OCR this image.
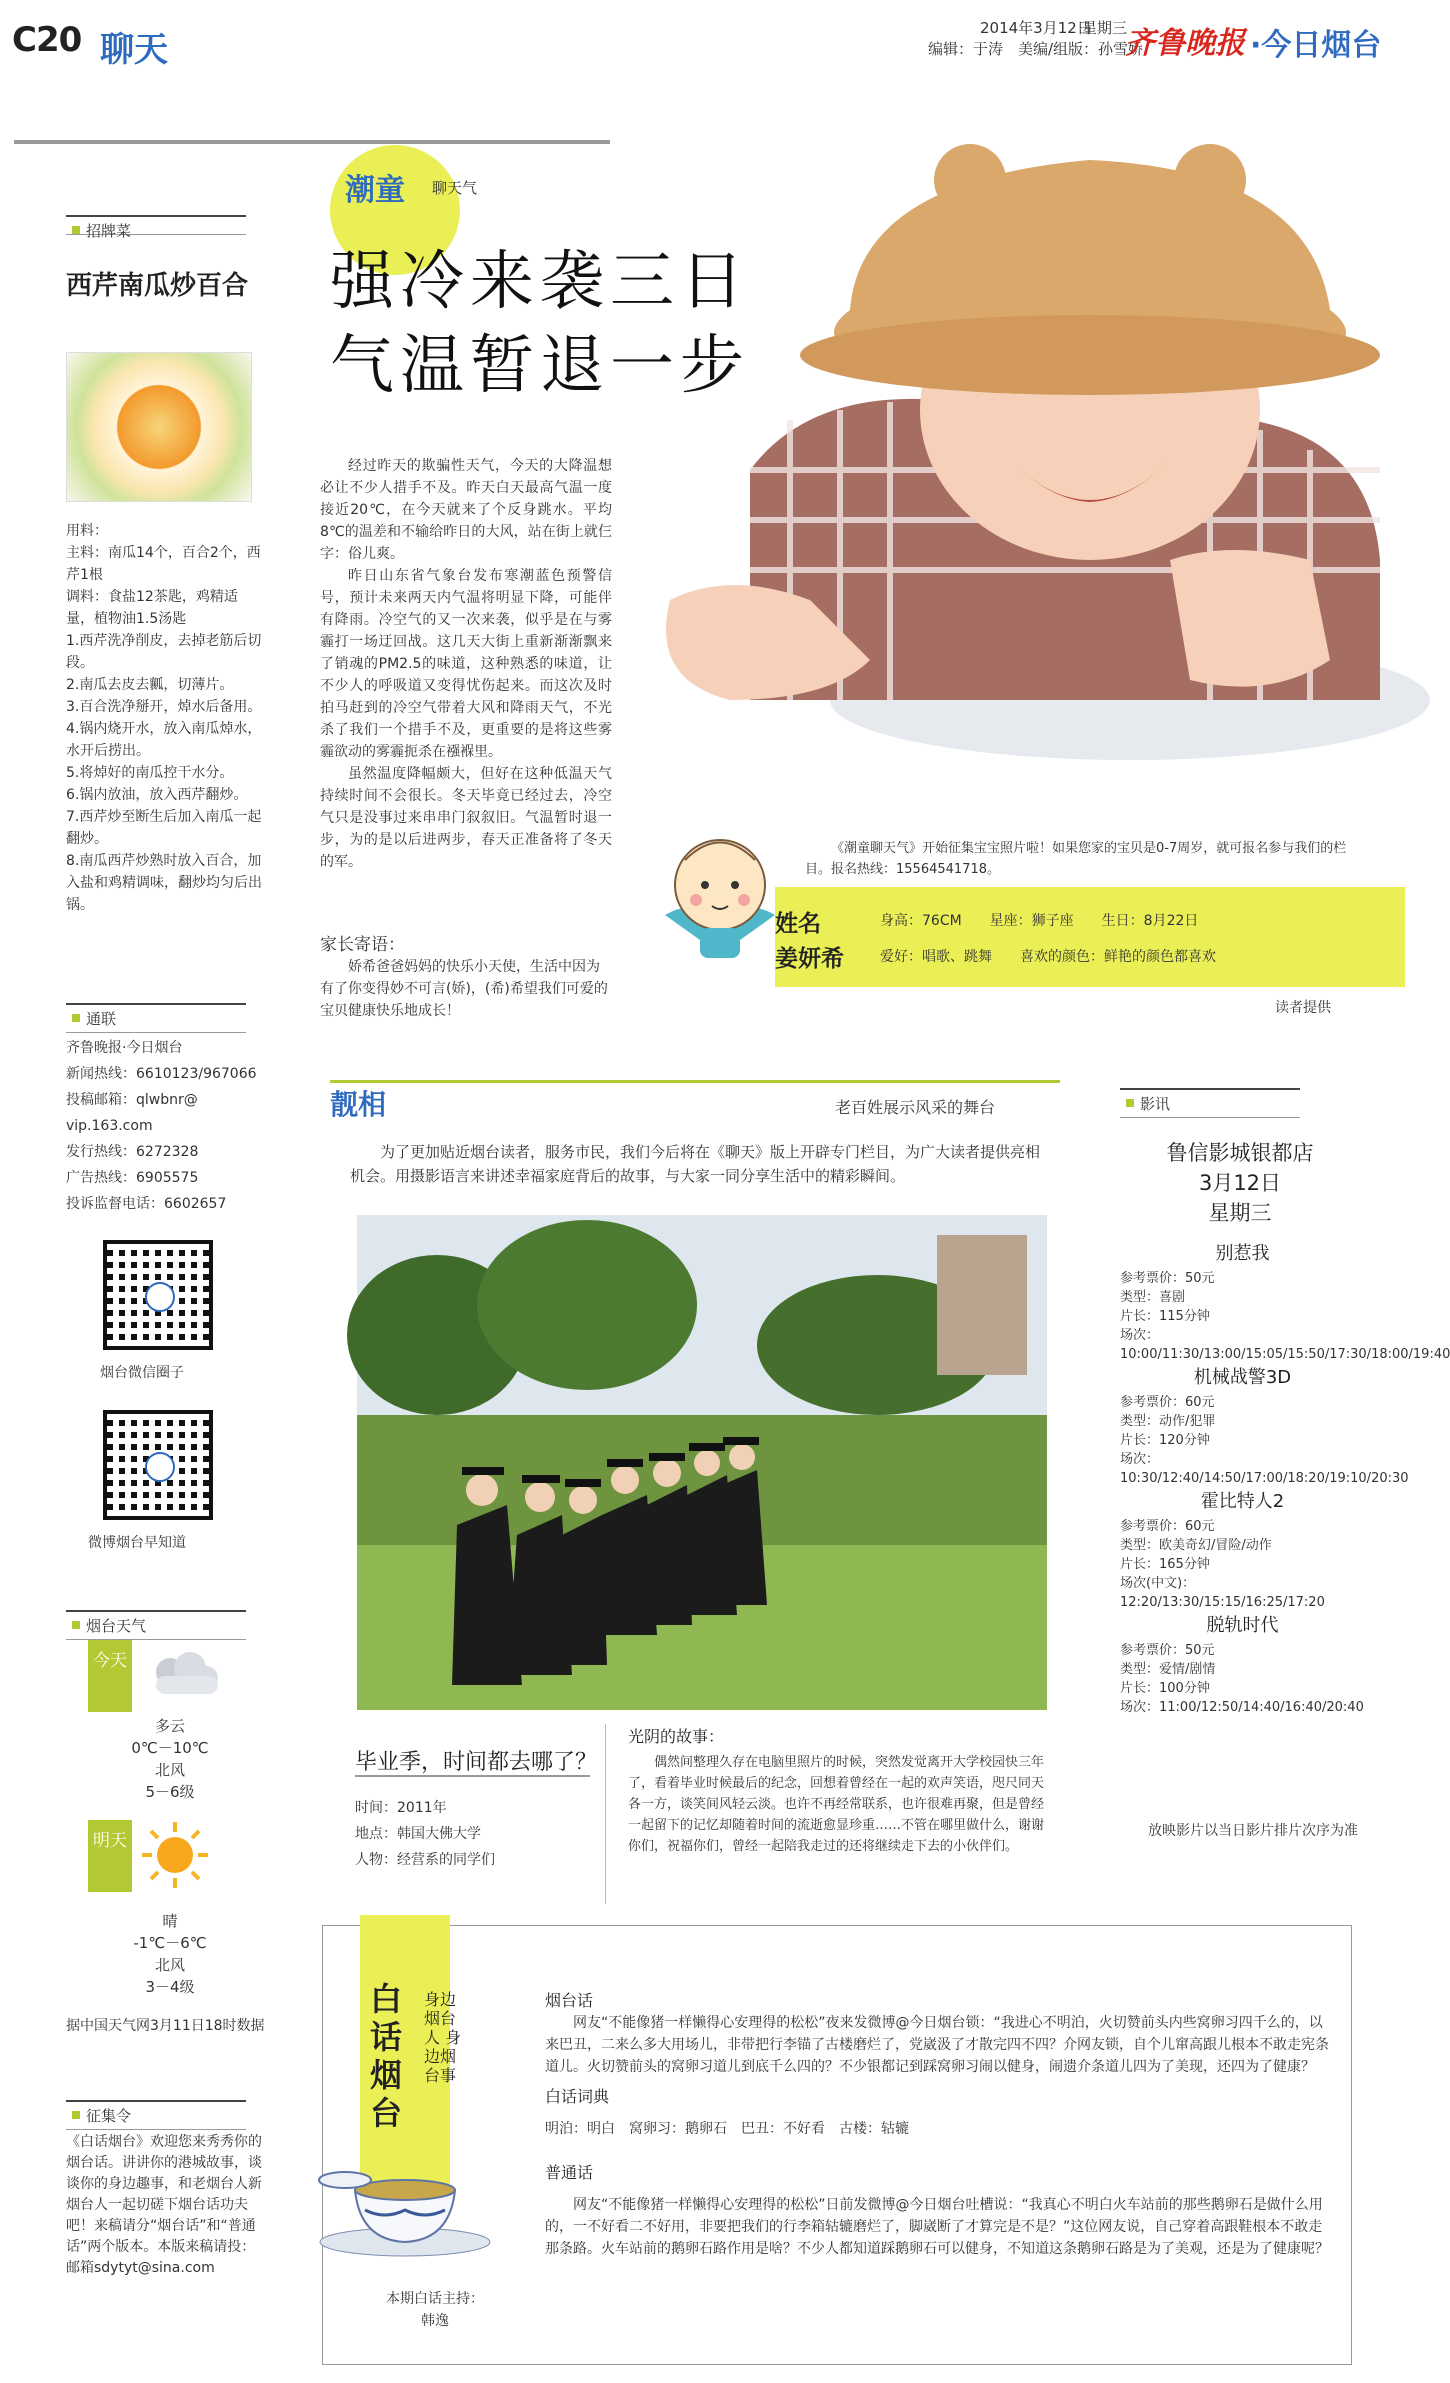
C20 聊天
2014年3月12日
星期三
编辑：于涛　美编/组版：孙雪娇
齐鲁晚报 ·今日烟台
招牌菜
西芹南瓜炒百合

用料：

主料：南瓜14个，百合2个，西芹1根

调料：食盐12茶匙，鸡精适量，植物油1.5汤匙

1.西芹洗净削皮，去掉老筋后切段。

2.南瓜去皮去瓤，切薄片。

3.百合洗净掰开，焯水后备用。

4.锅内烧开水，放入南瓜焯水，水开后捞出。

5.将焯好的南瓜控干水分。

6.锅内放油，放入西芹翻炒。

7.西芹炒至断生后加入南瓜一起翻炒。

8.南瓜西芹炒熟时放入百合，加入盐和鸡精调味，翻炒均匀后出锅。

通联
齐鲁晚报·今日烟台
新闻热线：6610123/967066
投稿邮箱：qlwbnr@
vip.163.com
发行热线：6272328
广告热线：6905575
投诉监督电话：6602657
烟台微信圈子
微博烟台早知道
烟台天气
今天
多云
0℃－10℃
北风
5－6级
明天
晴
-1℃－6℃
北风
3－4级
据中国天气网3月11日18时数据
征集令
《白话烟台》欢迎您来秀秀你的烟台话。讲讲你的港城故事，谈谈你的身边趣事，和老烟台人新烟台人一起切磋下烟台话功夫吧！来稿请分“烟台话”和“普通话”两个版本。本版来稿请投：
邮箱sdytyt@sina.com
潮童 聊天气
强冷来袭三日
气温暂退一步

经过昨天的欺骗性天气，今天的大降温想必让不少人措手不及。昨天白天最高气温一度接近20℃，在今天就来了个反身跳水。平均8℃的温差和不输给昨日的大风，站在街上就仨字：俗儿爽。

昨日山东省气象台发布寒潮蓝色预警信号，预计未来两天内气温将明显下降，可能伴有降雨。冷空气的又一次来袭，似乎是在与雾霾打一场迂回战。这几天大街上重新渐渐飘来了销魂的PM2.5的味道，这种熟悉的味道，让不少人的呼吸道又变得忧伤起来。而这次及时拍马赶到的冷空气带着大风和降雨天气，不光杀了我们一个措手不及，更重要的是将这些雾霾欲动的雾霾扼杀在襁褓里。

虽然温度降幅颇大，但好在这种低温天气持续时间不会很长。冬天毕竟已经过去，冷空气只是没事过来串串门叙叙旧。气温暂时退一步，为的是以后进两步，春天正准备将了冬天的军。

家长寄语：
娇希爸爸妈妈的快乐小天使，生活中因为有了你变得妙不可言(娇)，(希)希望我们可爱的宝贝健康快乐地成长！
《潮童聊天气》开始征集宝宝照片啦！如果您家的宝贝是0-7周岁，就可报名参与我们的栏目。报名热线：15564541718。
姓名
姜妍希
身高：76CM　　星座：狮子座　　生日：8月22日
爱好：唱歌、跳舞　　喜欢的颜色：鲜艳的颜色都喜欢
读者提供
靓相	老百姓展示风采的舞台
为了更加贴近烟台读者，服务市民，我们今后将在《聊天》版上开辟专门栏目，为广大读者提供亮相机会。用摄影语言来讲述幸福家庭背后的故事，与大家一同分享生活中的精彩瞬间。
毕业季，时间都去哪了？
时间：2011年
地点：韩国大佛大学
人物：经营系的同学们
光阴的故事：
偶然间整理久存在电脑里照片的时候，突然发觉离开大学校园快三年了，看着毕业时候最后的纪念，回想着曾经在一起的欢声笑语，咫尺同天各一方，谈笑间风轻云淡。也许不再经常联系，也许很难再聚，但是曾经一起留下的记忆却随着时间的流逝愈显珍重……不管在哪里做什么，谢谢你们，祝福你们，曾经一起陪我走过的还将继续走下去的小伙伴们。
影讯
鲁信影城银都店
3月12日
星期三
别惹我
参考票价：50元
类型：喜剧
片长：115分钟
场次：10:00/11:30/13:00/15:05/15:50/17:30/18:00/19:40
机械战警3D
参考票价：60元
类型：动作/犯罪
片长：120分钟
场次：10:30/12:40/14:50/17:00/18:20/19:10/20:30
霍比特人2
参考票价：60元
类型：欧美奇幻/冒险/动作
片长：165分钟
场次(中文)：12:20/13:30/15:15/16:25/17:20
脱轨时代
参考票价：50元
类型：爱情/剧情
片长：100分钟
场次：11:00/12:50/14:40/16:40/20:40
放映影片以当日影片排片次序为准
白话烟台
身边烟台人 身边烟台事
本期白话主持：韩逸
烟台话
网友“不能像猪一样懒得心安理得的松松”夜来发微博@今日烟台锁：“我进心不明泊，火切赞前头内些窝卵习四千么的，以来巴丑，二来么多大用场儿，非带把行李锚了古楼磨烂了，党崴汲了才散完四不四？介网友锁，自个儿窜高跟儿根本不敢走宪条道儿。火切赞前头的窝卵习道儿到底千么四的？不少银都记到踩窝卵习闹以健身，闹遗介条道儿四为了美现，还四为了健康？
白话词典
明泊：明白　窝卵习：鹅卵石　巴丑：不好看　古楼：轱辘
普通话
网友“不能像猪一样懒得心安理得的松松”日前发微博@今日烟台吐槽说：“我真心不明白火车站前的那些鹅卵石是做什么用的，一不好看二不好用，非要把我们的行李箱轱辘磨烂了，脚崴断了才算完是不是？”这位网友说，自己穿着高跟鞋根本不敢走那条路。火车站前的鹅卵石路作用是啥？不少人都知道踩鹅卵石可以健身，不知道这条鹅卵石路是为了美观，还是为了健康呢？
